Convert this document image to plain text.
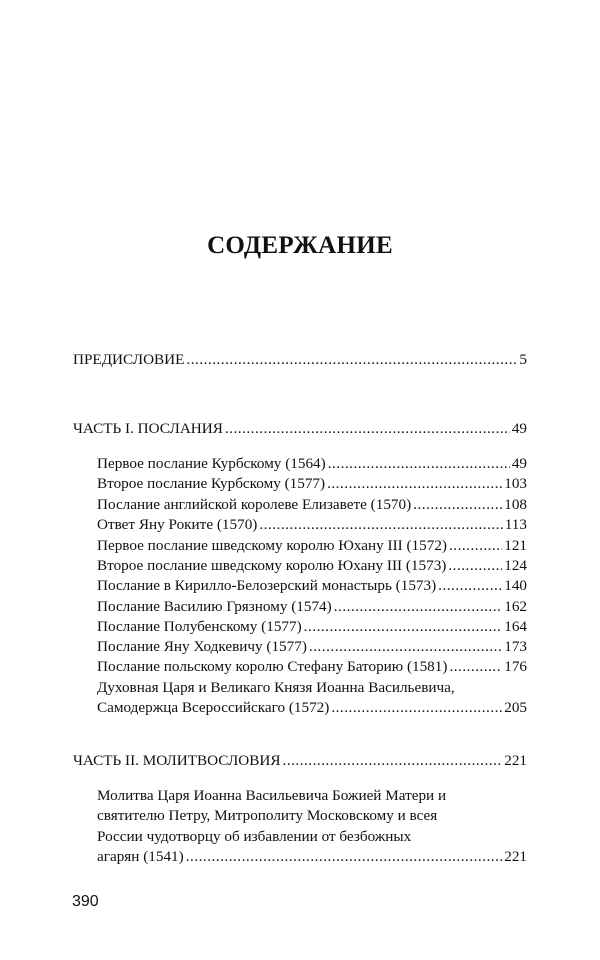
СОДЕРЖАНИЕ
ПРЕДИСЛОВИЕ .....	5
ЧАСТЬ I. ПОСЛАНИЯ .....	49
Первое послание Курбскому (1564) .....	49
Второе послание Курбскому (1577) .....	103
Послание английской королеве Елизавете (1570) .....	108
Ответ Яну Роките (1570) .....	113
Первое послание шведскому королю Юхану III (1572) .....	121
Второе послание шведскому королю Юхану III (1573) .....	124
Послание в Кирилло-Белозерский монастырь (1573) .....	140
Послание Василию Грязному (1574) .....	162
Послание Полубенскому (1577) .....	164
Послание Яну Ходкевичу (1577) .....	173
Послание польскому королю Стефану Баторию (1581) .....	176
Духовная Царя и Великаго Князя Иоанна Васильевича,
Самодержца Всероссийскаго (1572) .....	205
ЧАСТЬ II. МОЛИТВОСЛОВИЯ .....	221
Молитва Царя Иоанна Васильевича Божией Матери и
святителю Петру, Митрополиту Московскому и всея
России чудотворцу об избавлении от безбожных
агарян (1541) .....	221
390
